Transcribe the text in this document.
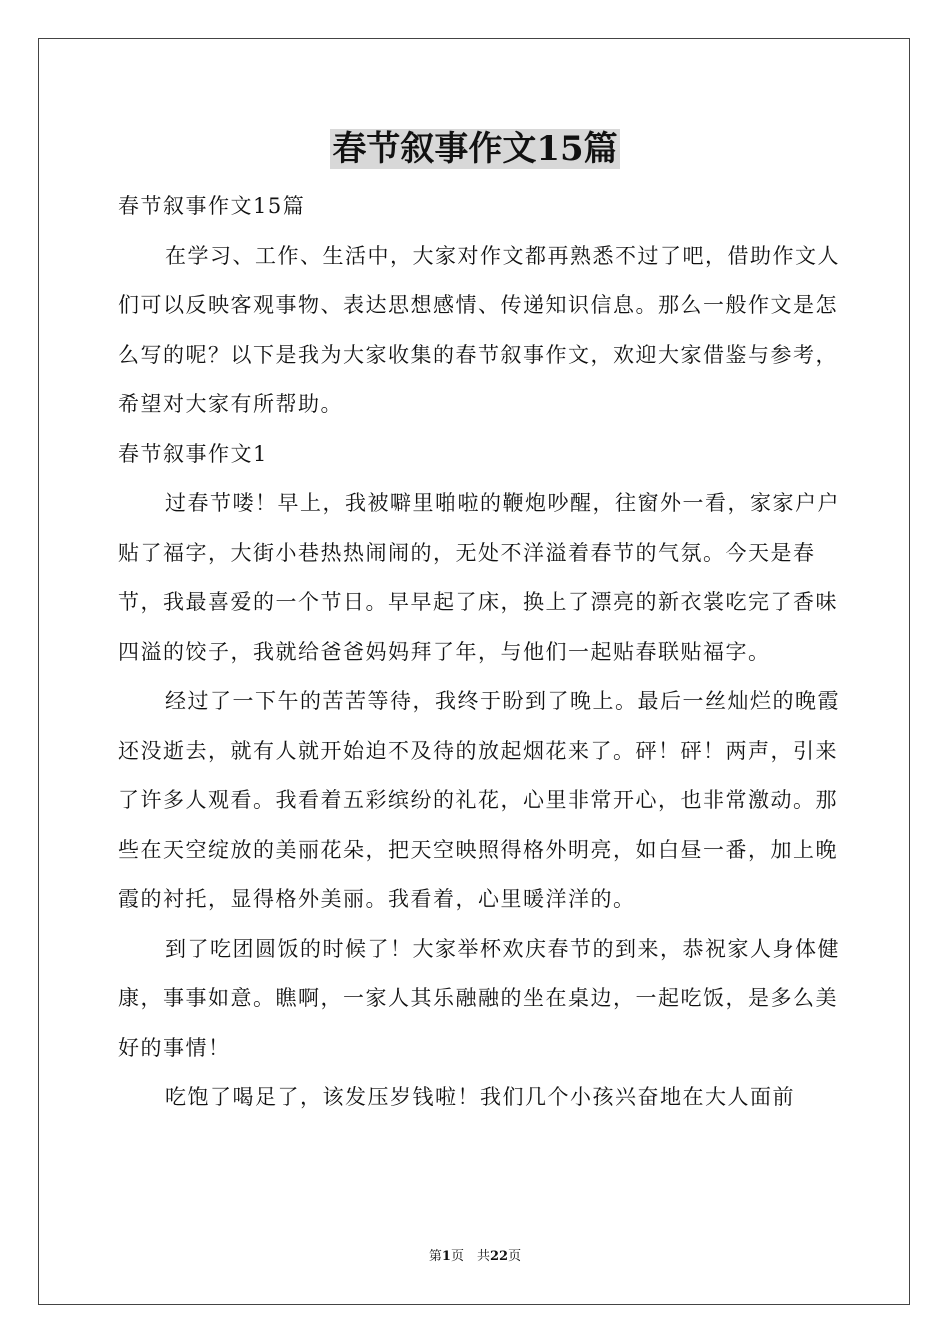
春节叙事作文15篇

春节叙事作文15篇

在学习、工作、生活中，大家对作文都再熟悉不过了吧，借助作文人们可以反映客观事物、表达思想感情、传递知识信息。那么一般作文是怎么写的呢？以下是我为大家收集的春节叙事作文，欢迎大家借鉴与参考，希望对大家有所帮助。

春节叙事作文1

过春节喽！早上，我被噼里啪啦的鞭炮吵醒，往窗外一看，家家户户贴了福字，大街小巷热热闹闹的，无处不洋溢着春节的气氛。今天是春节，我最喜爱的一个节日。早早起了床，换上了漂亮的新衣裳吃完了香味四溢的饺子，我就给爸爸妈妈拜了年，与他们一起贴春联贴福字。

经过了一下午的苦苦等待，我终于盼到了晚上。最后一丝灿烂的晚霞还没逝去，就有人就开始迫不及待的放起烟花来了。砰！砰！两声，引来了许多人观看。我看着五彩缤纷的礼花，心里非常开心，也非常激动。那些在天空绽放的美丽花朵，把天空映照得格外明亮，如白昼一番，加上晚霞的衬托，显得格外美丽。我看着，心里暖洋洋的。

到了吃团圆饭的时候了！大家举杯欢庆春节的到来，恭祝家人身体健康，事事如意。瞧啊，一家人其乐融融的坐在桌边，一起吃饭，是多么美好的事情！

吃饱了喝足了，该发压岁钱啦！我们几个小孩兴奋地在大人面前

第1页　共22页
